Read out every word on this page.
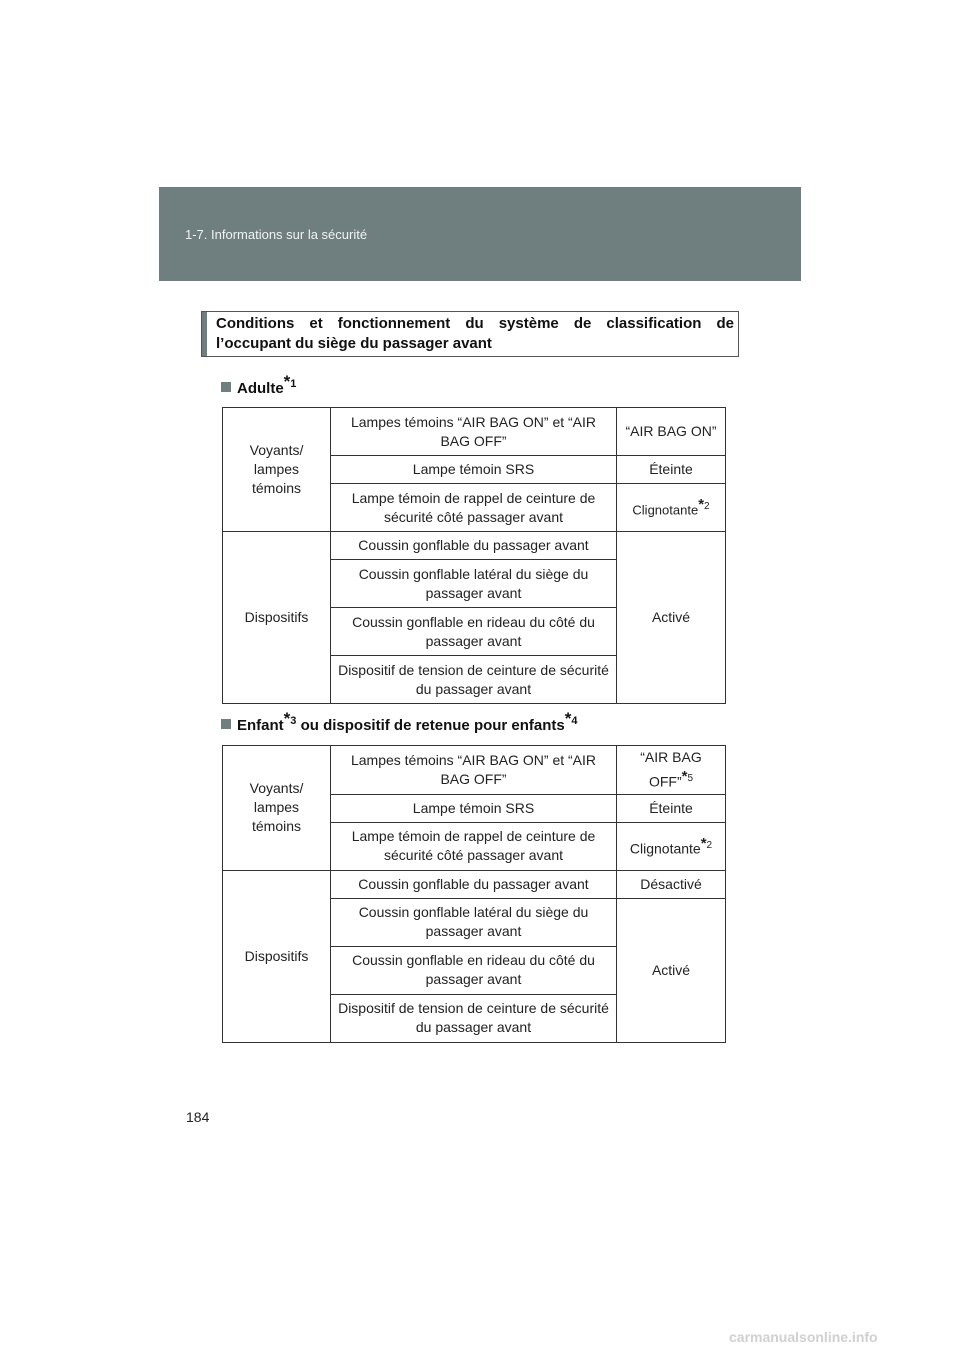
1-7. Informations sur la sécurité
Conditions et fonctionnement du système de classification de l’occupant du siège du passager avant
Adulte$^{*1}$
Voyants/ lampes témoins	Lampes témoins “AIR BAG ON” et “AIR BAG OFF”	“AIR BAG ON”
	Lampe témoin SRS	Éteinte
	Lampe témoin de rappel de ceinture de sécurité côté passager avant	Clignotante$^{*2}$
Dispositifs	Coussin gonflable du passager avant	Activé
	Coussin gonflable latéral du siège du passager avant	
	Coussin gonflable en rideau du côté du passager avant	
	Dispositif de tension de ceinture de sécurité du passager avant	
Enfant$^{*3}$ ou dispositif de retenue pour enfants$^{*4}$
Voyants/ lampes témoins	Lampes témoins “AIR BAG ON” et “AIR BAG OFF”	“AIR BAG OFF”$^{*5}$
	Lampe témoin SRS	Éteinte
	Lampe témoin de rappel de ceinture de sécurité côté passager avant	Clignotante$^{*2}$
Dispositifs	Coussin gonflable du passager avant	Désactivé
	Coussin gonflable latéral du siège du passager avant	Activé
	Coussin gonflable en rideau du côté du passager avant	
	Dispositif de tension de ceinture de sécurité du passager avant	
184
carmanualsonline.info
